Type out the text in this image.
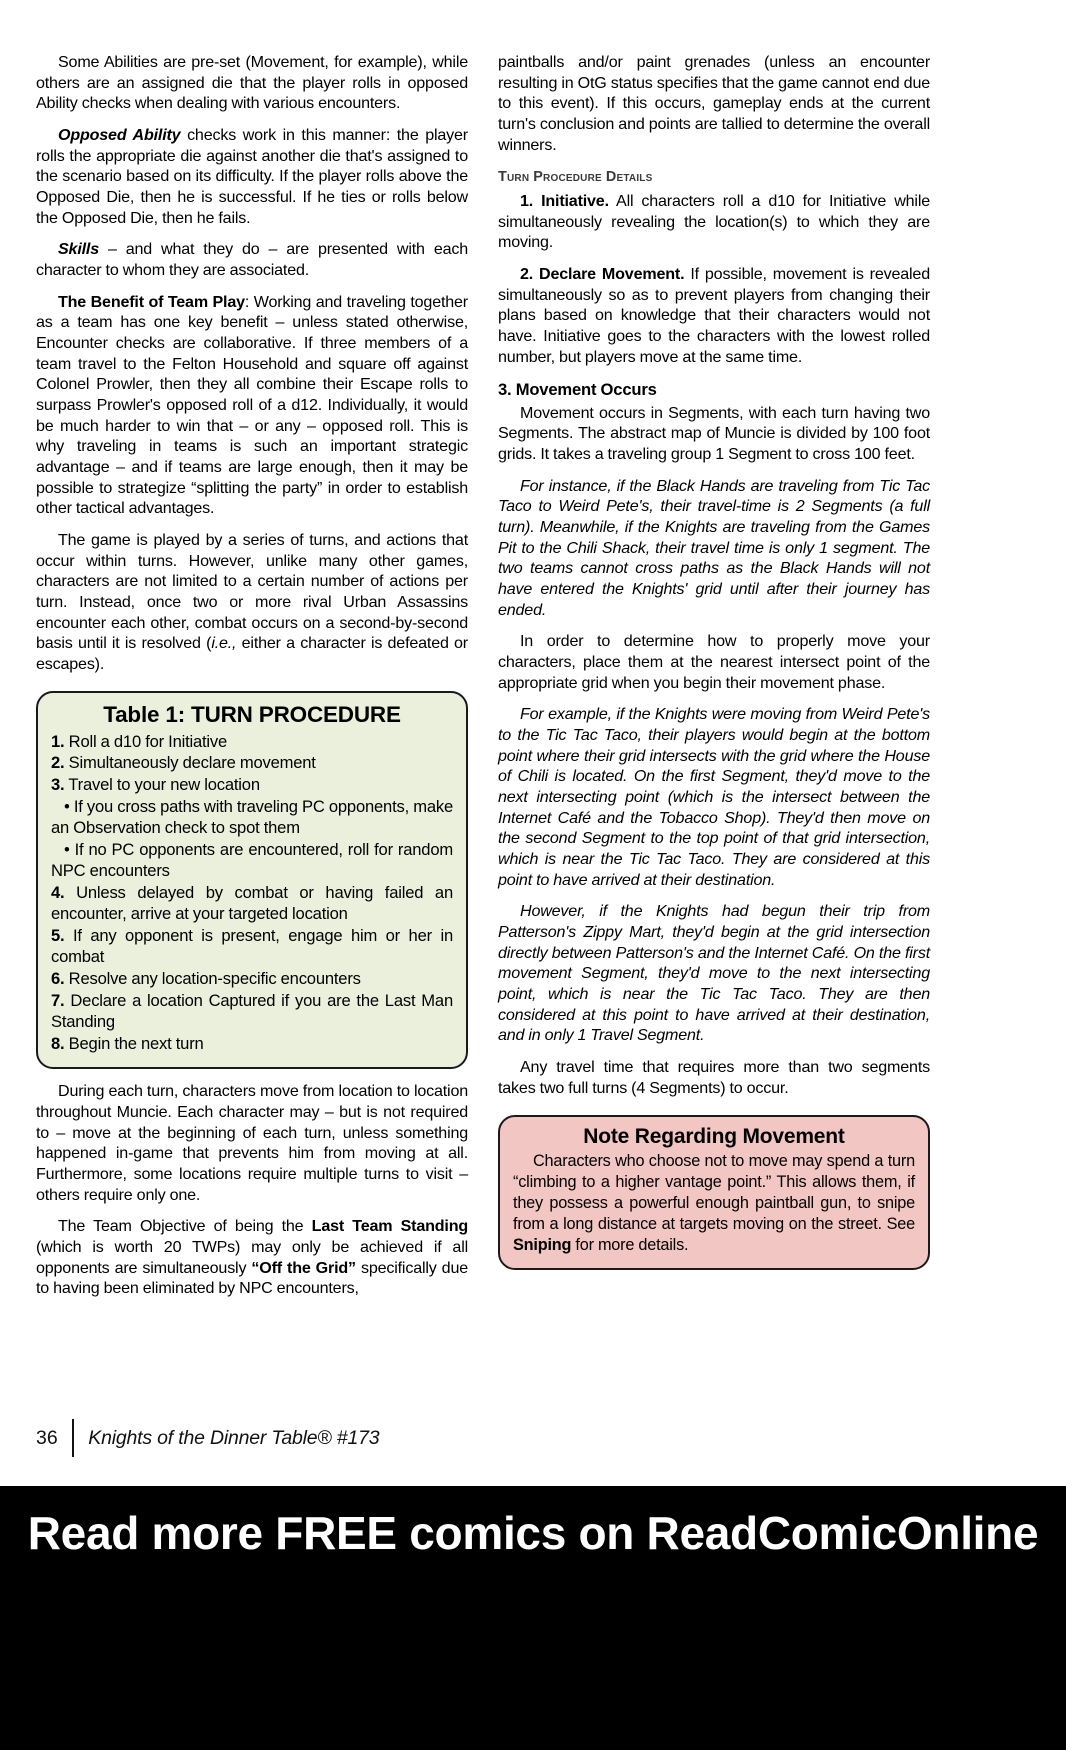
Some Abilities are pre-set (Movement, for example), while others are an assigned die that the player rolls in opposed Ability checks when dealing with various encounters.

Opposed Ability checks work in this manner: the player rolls the appropriate die against another die that's assigned to the scenario based on its difficulty. If the player rolls above the Opposed Die, then he is successful. If he ties or rolls below the Opposed Die, then he fails.

Skills – and what they do – are presented with each character to whom they are associated.

The Benefit of Team Play: Working and traveling together as a team has one key benefit – unless stated otherwise, Encounter checks are collaborative. If three members of a team travel to the Felton Household and square off against Colonel Prowler, then they all combine their Escape rolls to surpass Prowler's opposed roll of a d12. Individually, it would be much harder to win that – or any – opposed roll. This is why traveling in teams is such an important strategic advantage – and if teams are large enough, then it may be possible to strategize “splitting the party” in order to establish other tactical advantages.

The game is played by a series of turns, and actions that occur within turns. However, unlike many other games, characters are not limited to a certain number of actions per turn. Instead, once two or more rival Urban Assassins encounter each other, combat occurs on a second-by-second basis until it is resolved (i.e., either a character is defeated or escapes).

Table 1: TURN PROCEDURE

1. Roll a d10 for Initiative

2. Simultaneously declare movement

3. Travel to your new location

• If you cross paths with traveling PC opponents, make an Observation check to spot them

• If no PC opponents are encountered, roll for random NPC encounters

4. Unless delayed by combat or having failed an encounter, arrive at your targeted location

5. If any opponent is present, engage him or her in combat

6. Resolve any location-specific encounters

7. Declare a location Captured if you are the Last Man Standing

8. Begin the next turn

During each turn, characters move from location to location throughout Muncie. Each character may – but is not required to – move at the beginning of each turn, unless something happened in-game that prevents him from moving at all. Furthermore, some locations require multiple turns to visit – others require only one.

The Team Objective of being the Last Team Standing (which is worth 20 TWPs) may only be achieved if all opponents are simultaneously “Off the Grid” specifically due to having been eliminated by NPC encounters,

paintballs and/or paint grenades (unless an encounter resulting in OtG status specifies that the game cannot end due to this event). If this occurs, gameplay ends at the current turn's conclusion and points are tallied to determine the overall winners.

Turn Procedure Details

1. Initiative. All characters roll a d10 for Initiative while simultaneously revealing the location(s) to which they are moving.

2. Declare Movement. If possible, movement is revealed simultaneously so as to prevent players from changing their plans based on knowledge that their characters would not have. Initiative goes to the characters with the lowest rolled number, but players move at the same time.

3. Movement Occurs

Movement occurs in Segments, with each turn having two Segments. The abstract map of Muncie is divided by 100 foot grids. It takes a traveling group 1 Segment to cross 100 feet.

For instance, if the Black Hands are traveling from Tic Tac Taco to Weird Pete's, their travel-time is 2 Segments (a full turn). Meanwhile, if the Knights are traveling from the Games Pit to the Chili Shack, their travel time is only 1 segment. The two teams cannot cross paths as the Black Hands will not have entered the Knights' grid until after their journey has ended.

In order to determine how to properly move your characters, place them at the nearest intersect point of the appropriate grid when you begin their movement phase.

For example, if the Knights were moving from Weird Pete's to the Tic Tac Taco, their players would begin at the bottom point where their grid intersects with the grid where the House of Chili is located. On the first Segment, they'd move to the next intersecting point (which is the intersect between the Internet Café and the Tobacco Shop). They'd then move on the second Segment to the top point of that grid intersection, which is near the Tic Tac Taco. They are considered at this point to have arrived at their destination.

However, if the Knights had begun their trip from Patterson's Zippy Mart, they'd begin at the grid intersection directly between Patterson's and the Internet Café. On the first movement Segment, they'd move to the next intersecting point, which is near the Tic Tac Taco. They are then considered at this point to have arrived at their destination, and in only 1 Travel Segment.

Any travel time that requires more than two segments takes two full turns (4 Segments) to occur.

Note Regarding Movement

Characters who choose not to move may spend a turn “climbing to a higher vantage point.” This allows them, if they possess a powerful enough paintball gun, to snipe from a long distance at targets moving on the street. See Sniping for more details.

36 Knights of the Dinner Table® #173
Read more FREE comics on ReadComicOnline
